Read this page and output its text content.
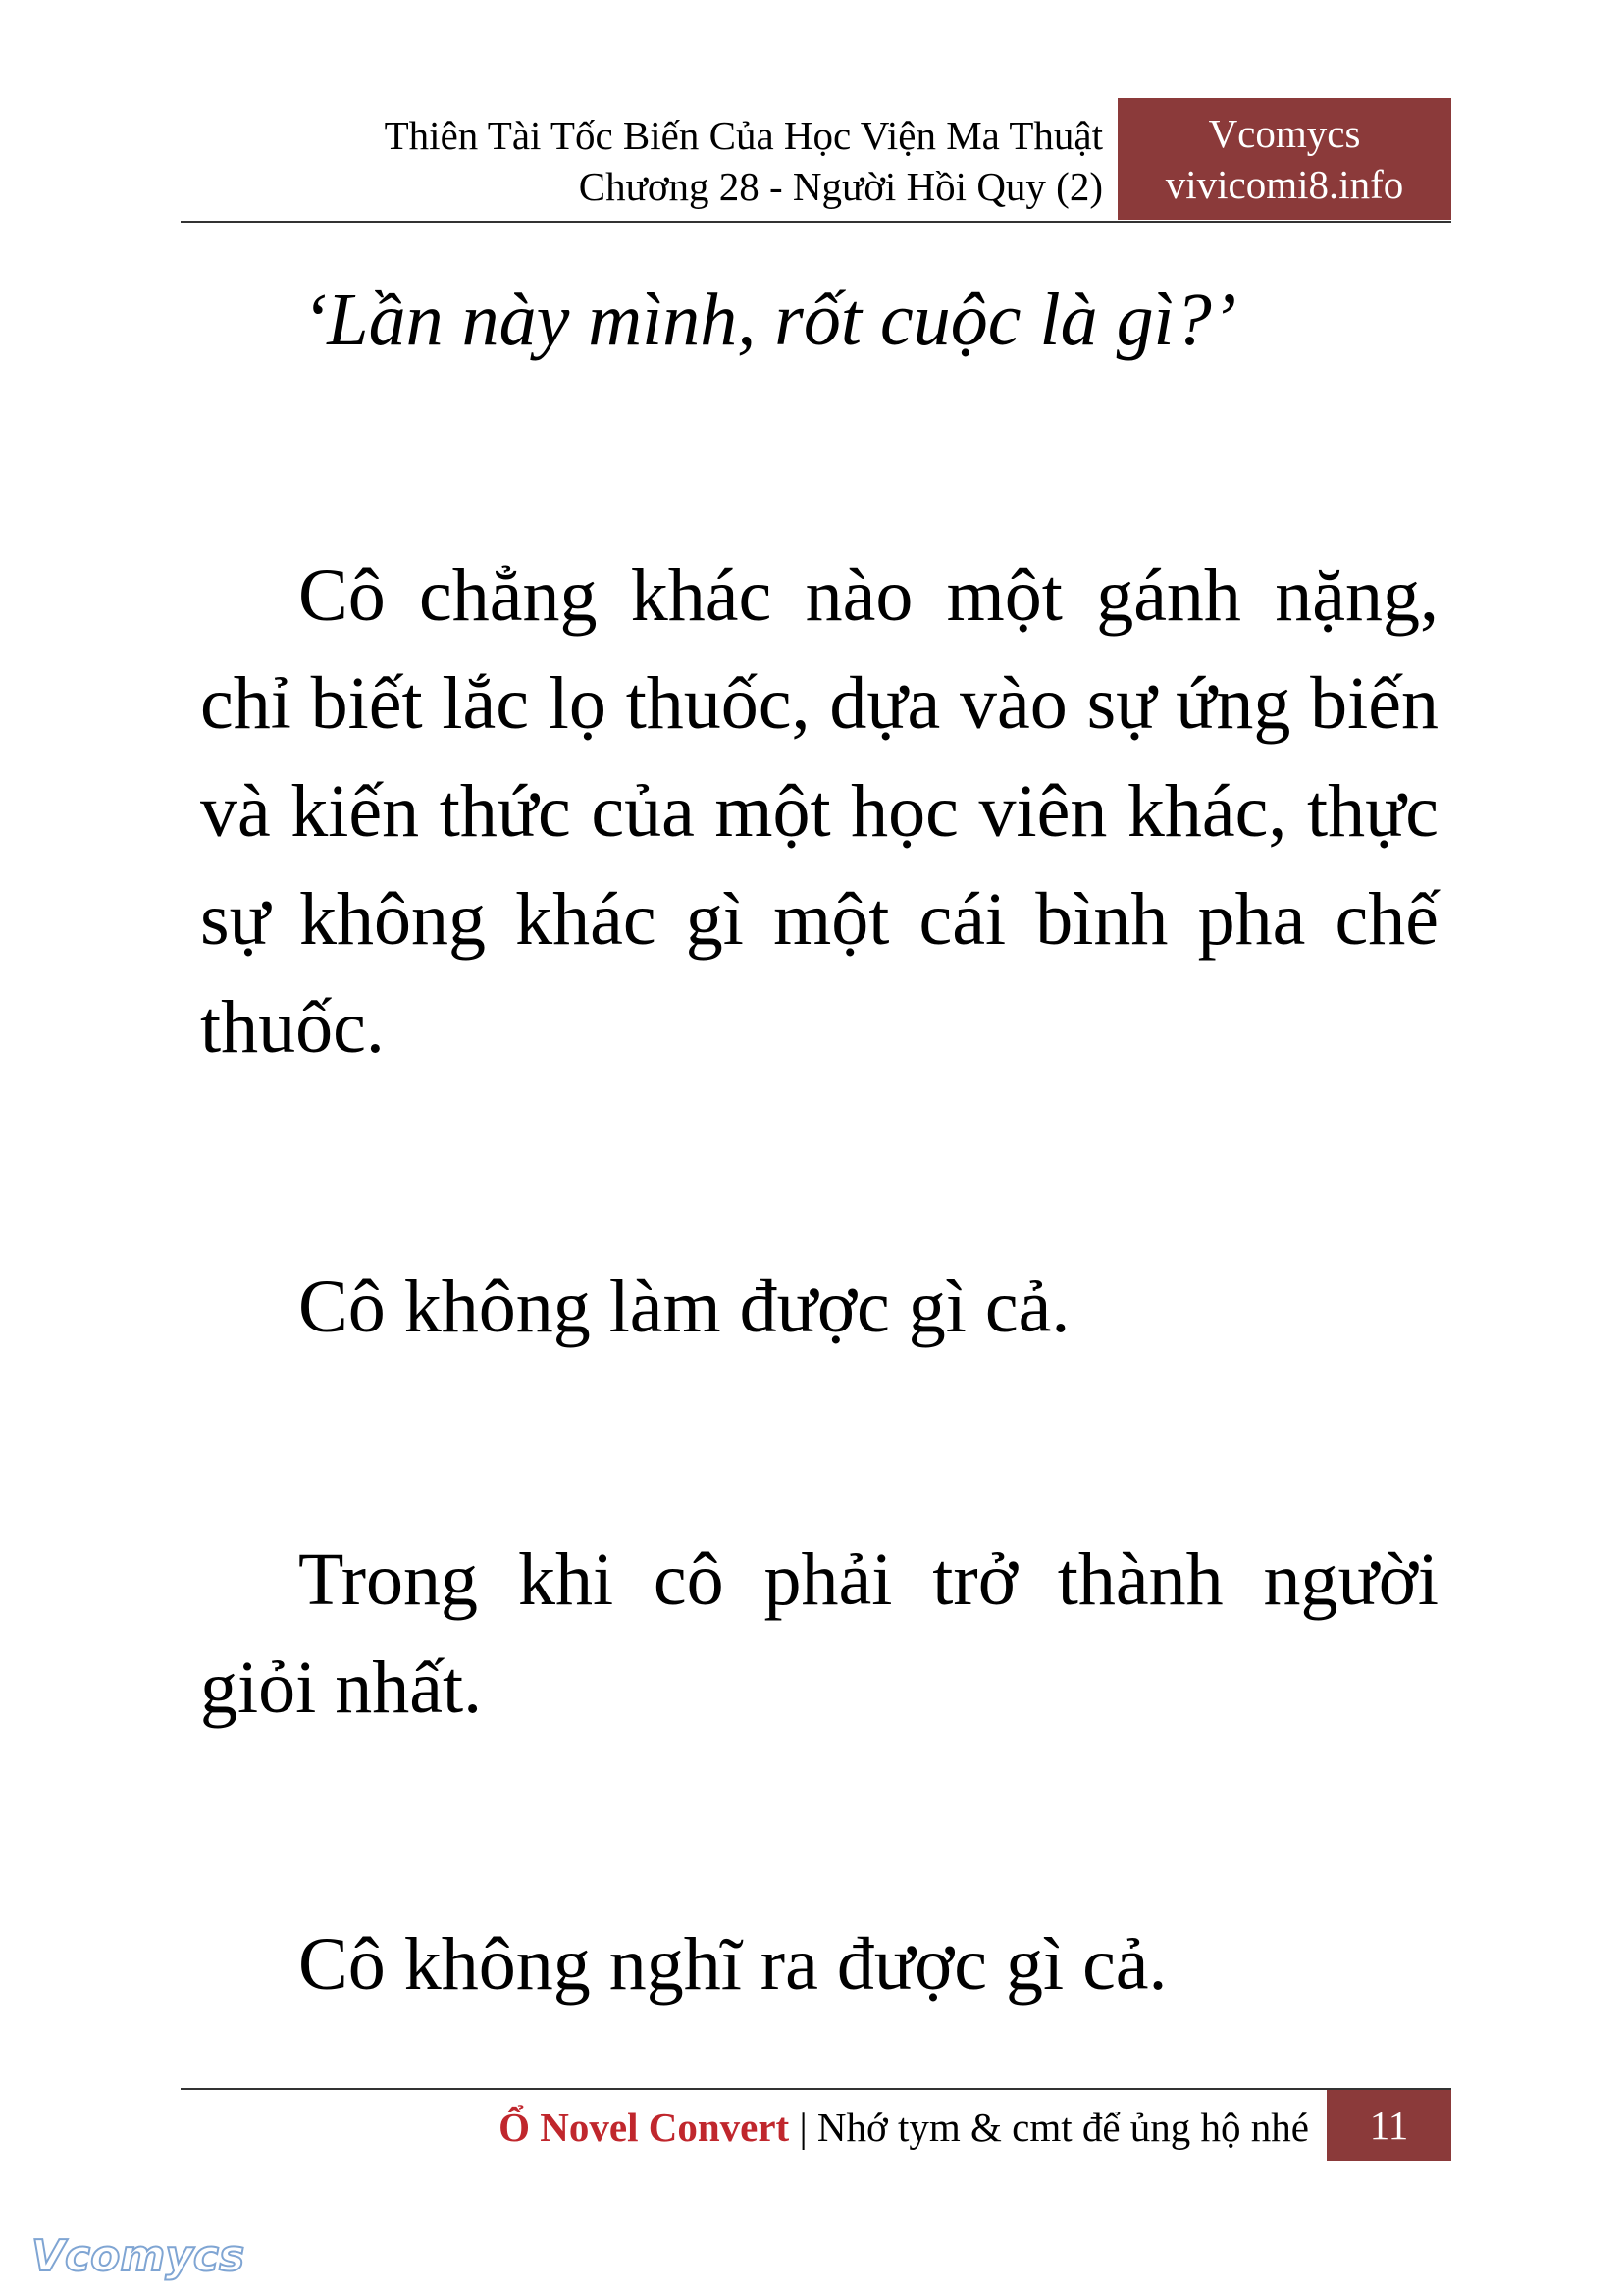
Thiên Tài Tốc Biến Của Học Viện Ma Thuật
Chương 28 - Người Hồi Quy (2)
Vcomycs
vivicomi8.info
‘Lần này mình, rốt cuộc là gì?’

Cô chẳng khác nào một gánh nặng, chỉ biết lắc lọ thuốc, dựa vào sự ứng biến và kiến thức của một học viên khác, thực sự không khác gì một cái bình pha chế thuốc.

Cô không làm được gì cả.

Trong khi cô phải trở thành người giỏi nhất.

Cô không nghĩ ra được gì cả.

Ổ Novel Convert | Nhớ tym & cmt để ủng hộ nhé	11
Vcomycs
